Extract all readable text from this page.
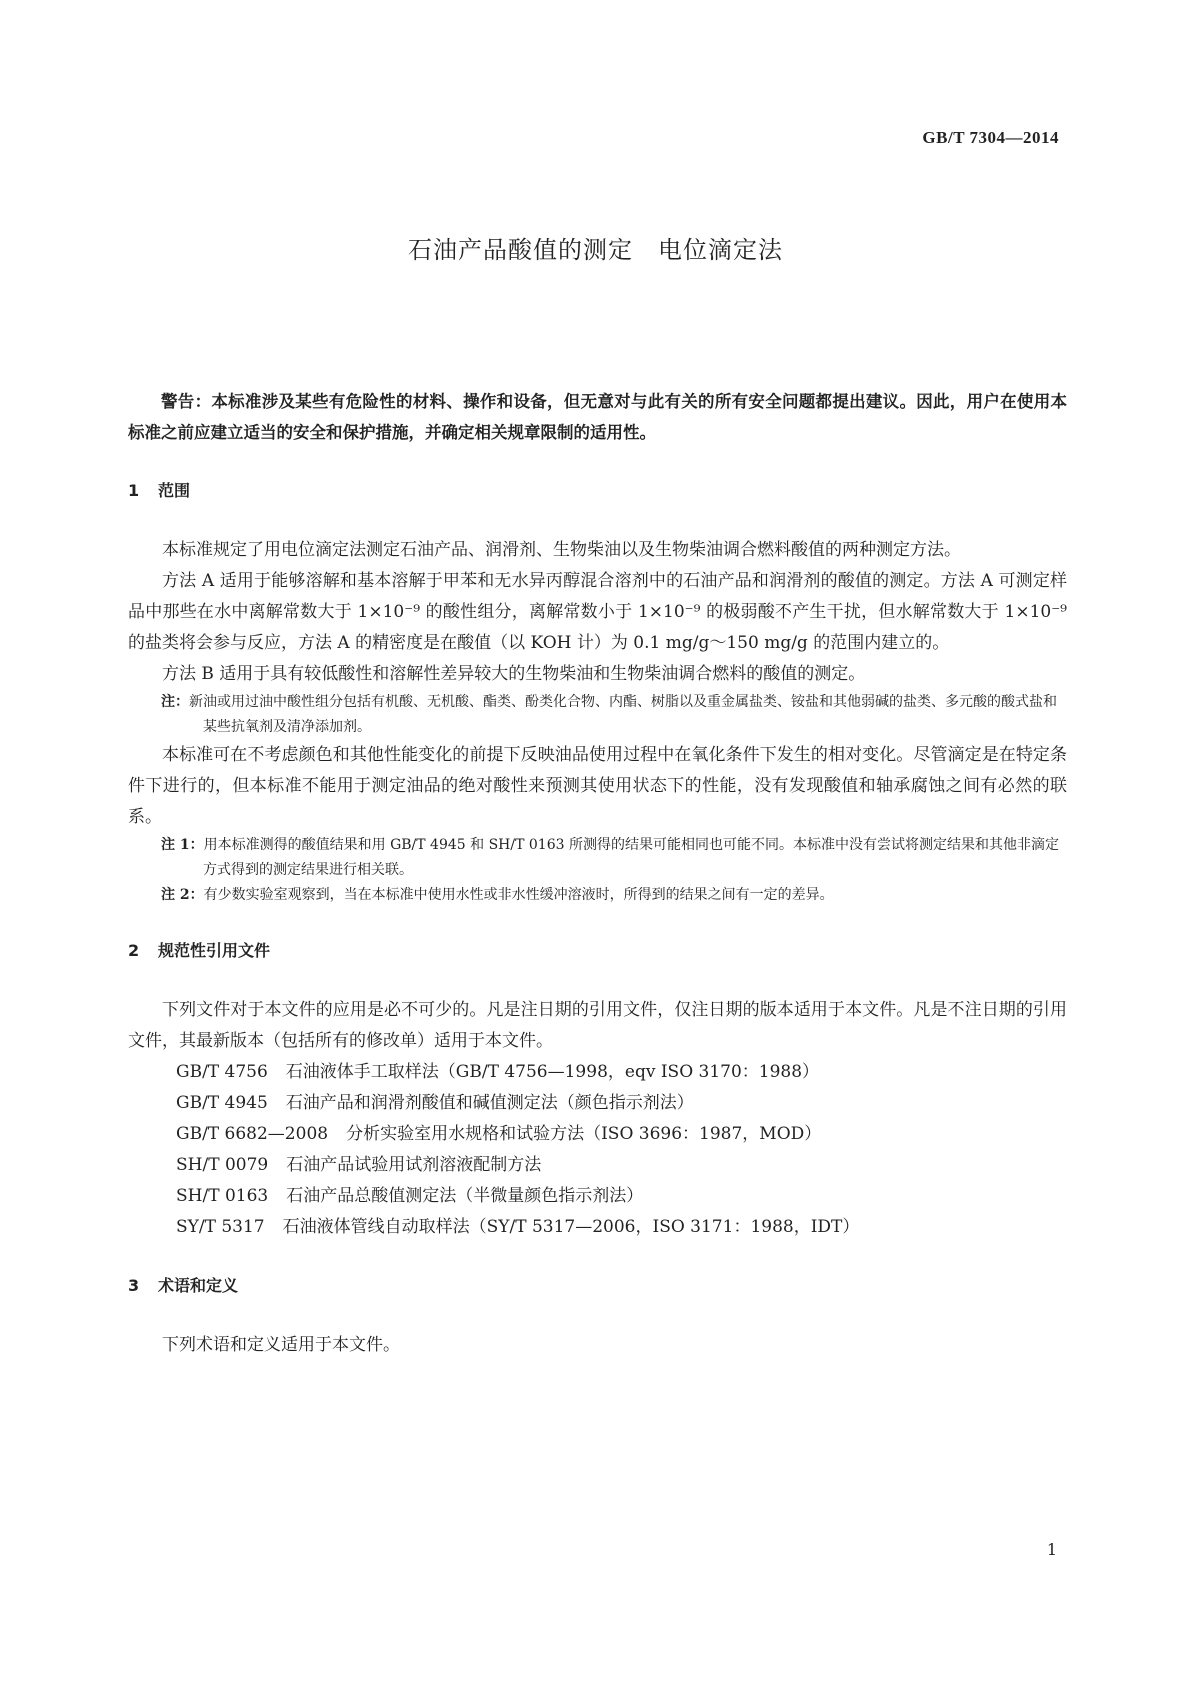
GB/T 7304—2014
石油产品酸值的测定　电位滴定法

警告：本标准涉及某些有危险性的材料、操作和设备，但无意对与此有关的所有安全问题都提出建议。因此，用户在使用本标准之前应建立适当的安全和保护措施，并确定相关规章限制的适用性。

1 范围

本标准规定了用电位滴定法测定石油产品、润滑剂、生物柴油以及生物柴油调合燃料酸值的两种测定方法。

方法 A 适用于能够溶解和基本溶解于甲苯和无水异丙醇混合溶剂中的石油产品和润滑剂的酸值的测定。方法 A 可测定样品中那些在水中离解常数大于 1×10⁻⁹ 的酸性组分，离解常数小于 1×10⁻⁹ 的极弱酸不产生干扰，但水解常数大于 1×10⁻⁹ 的盐类将会参与反应，方法 A 的精密度是在酸值（以 KOH 计）为 0.1 mg/g～150 mg/g 的范围内建立的。

方法 B 适用于具有较低酸性和溶解性差异较大的生物柴油和生物柴油调合燃料的酸值的测定。

注：新油或用过油中酸性组分包括有机酸、无机酸、酯类、酚类化合物、内酯、树脂以及重金属盐类、铵盐和其他弱碱的盐类、多元酸的酸式盐和某些抗氧剂及清净添加剂。

本标准可在不考虑颜色和其他性能变化的前提下反映油品使用过程中在氧化条件下发生的相对变化。尽管滴定是在特定条件下进行的，但本标准不能用于测定油品的绝对酸性来预测其使用状态下的性能，没有发现酸值和轴承腐蚀之间有必然的联系。

注 1：用本标准测得的酸值结果和用 GB/T 4945 和 SH/T 0163 所测得的结果可能相同也可能不同。本标准中没有尝试将测定结果和其他非滴定方式得到的测定结果进行相关联。

注 2：有少数实验室观察到，当在本标准中使用水性或非水性缓冲溶液时，所得到的结果之间有一定的差异。

2 规范性引用文件

下列文件对于本文件的应用是必不可少的。凡是注日期的引用文件，仅注日期的版本适用于本文件。凡是不注日期的引用文件，其最新版本（包括所有的修改单）适用于本文件。

GB/T 4756 石油液体手工取样法（GB/T 4756—1998，eqv ISO 3170：1988）

GB/T 4945 石油产品和润滑剂酸值和碱值测定法（颜色指示剂法）

GB/T 6682—2008 分析实验室用水规格和试验方法（ISO 3696：1987，MOD）

SH/T 0079 石油产品试验用试剂溶液配制方法

SH/T 0163 石油产品总酸值测定法（半微量颜色指示剂法）

SY/T 5317 石油液体管线自动取样法（SY/T 5317—2006，ISO 3171：1988，IDT）

3 术语和定义

下列术语和定义适用于本文件。

1
